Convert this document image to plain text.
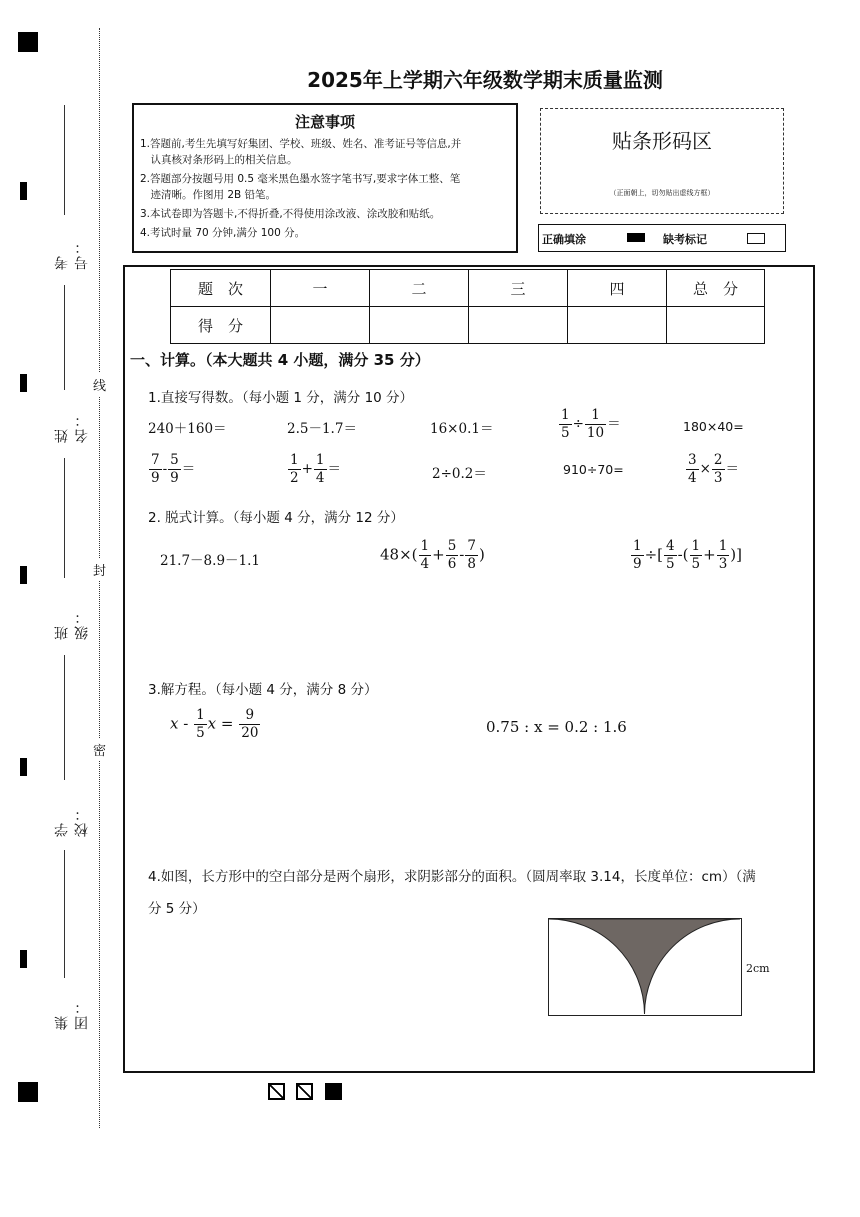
考号：
姓名：
班级：
学校：
集团：
线
封
密
2025年上学期六年级数学期末质量监测
注意事项

1.答题前,考生先填写好集团、学校、班级、姓名、准考证号等信息,并

　认真核对条形码上的相关信息。

2.答题部分按题号用 0.5 毫米黑色墨水签字笔书写,要求字体工整、笔

　迹清晰。作图用 2B 铅笔。

3.本试卷即为答题卡,不得折叠,不得使用涂改液、涂改胶和贴纸。

4.考试时量 70 分钟,满分 100 分。

贴条形码区
（正面朝上，切勿贴出虚线方框）
正确填涂	缺考标记
题　次	一	二	三	四	总　分
得　分					
一、计算。（本大题共 4 小题，满分 35 分）
1.直接写得数。（每小题 1 分，满分 10 分）
240＋160＝	2.5－1.7＝	16×0.1＝	$\frac{1}{5} \div \frac{1}{10}$ ＝	180×40=
$\frac{7}{9} - \frac{5}{9}$ ＝	$\frac{1}{2} + \frac{1}{4}$ ＝	2÷0.2＝	910÷70=	$\frac{3}{4} \times \frac{2}{3}$ ＝
2. 脱式计算。（每小题 4 分，满分 12 分）
21.7－8.9－1.1	$48\times( \frac{1}{4} + \frac{5}{6} - \frac{7}{8}$ )	$\frac{1}{9}$ ÷[ $\frac{4}{5}$ -( $\frac{1}{5} + \frac{1}{3}$ )]
3.解方程。（每小题 4 分，满分 8 分）
x - $\frac{1}{5}$ $x = \frac{9}{20}$	0.75 : x = 0.2 : 1.6
4.如图，长方形中的空白部分是两个扇形，求阴影部分的面积。（圆周率取 3.14，长度单位：cm）（满
分 5 分）
2cm
